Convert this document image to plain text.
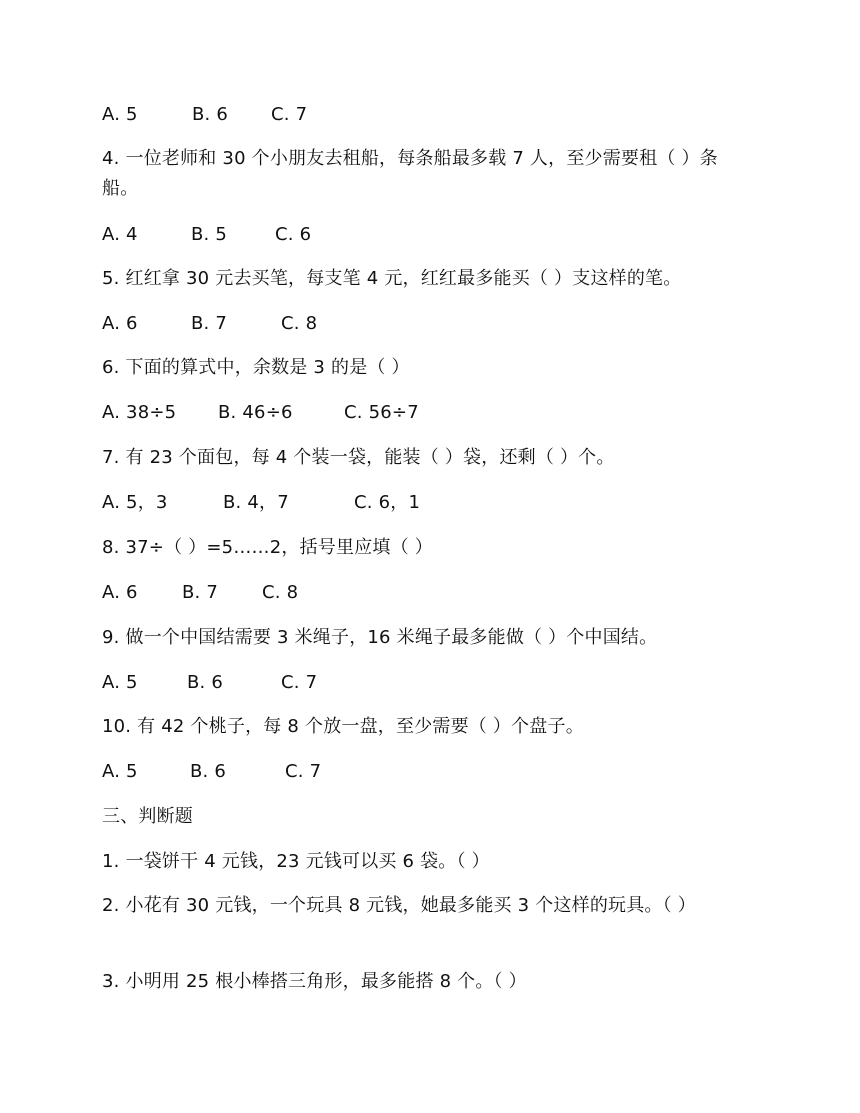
A. 5	B. 6 C. 7
4. 一位老师和 30 个小朋友去租船，每条船最多载 7 人，至少需要租（ ）条船。
A. 4	B. 5	C. 6
5. 红红拿 30 元去买笔，每支笔 4 元，红红最多能买（ ）支这样的笔。
A. 6	B. 7	C. 8
6. 下面的算式中，余数是 3 的是（ ）
A. 38÷5 B. 46÷6	C. 56÷7
7. 有 23 个面包，每 4 个装一袋，能装（ ）袋，还剩（ ）个。
A. 5，3	B. 4，7	C. 6，1
8. 37÷（ ）=5……2，括号里应填（ ）
A. 6 B. 7 C. 8
9. 做一个中国结需要 3 米绳子，16 米绳子最多能做（ ）个中国结。
A. 5	B. 6	C. 7
10. 有 42 个桃子，每 8 个放一盘，至少需要（ ）个盘子。
A. 5	B. 6	C. 7
三、判断题
1. 一袋饼干 4 元钱，23 元钱可以买 6 袋。（ ）
2. 小花有 30 元钱，一个玩具 8 元钱，她最多能买 3 个这样的玩具。（ ）
3. 小明用 25 根小棒搭三角形，最多能搭 8 个。（ ）
